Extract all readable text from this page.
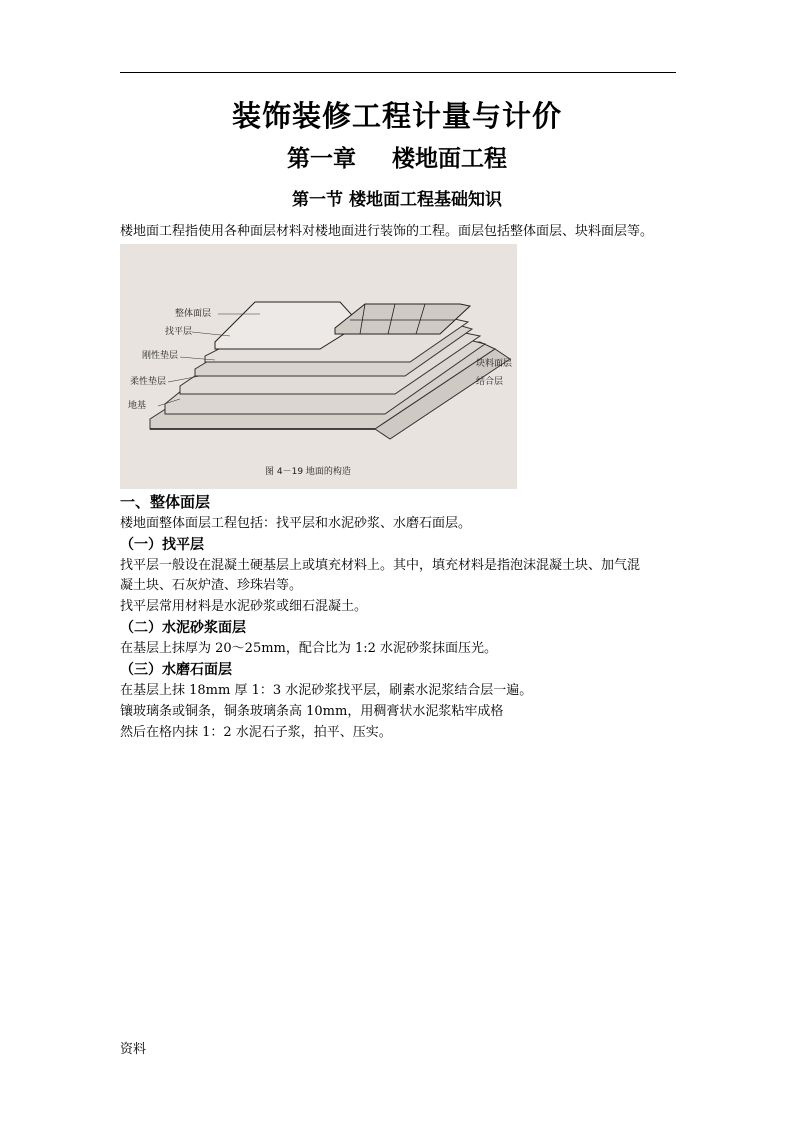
装饰装修工程计量与计价
第一章 楼地面工程
第一节 楼地面工程基础知识
楼地面工程指使用各种面层材料对楼地面进行装饰的工程。面层包括整体面层、块料面层等。
整体面层
找平层
刚性垫层
柔性垫层
地基
块料面层
结合层
图 4－19 地面的构造
一、整体面层
楼地面整体面层工程包括：找平层和水泥砂浆、水磨石面层。
（一）找平层
找平层一般设在混凝土硬基层上或填充材料上。其中，填充材料是指泡沫混凝土块、加气混
凝土块、石灰炉渣、珍珠岩等。
找平层常用材料是水泥砂浆或细石混凝土。
（二）水泥砂浆面层
在基层上抹厚为 20～25mm，配合比为 1:2 水泥砂浆抹面压光。
（三）水磨石面层
在基层上抹 18mm 厚 1：3 水泥砂浆找平层，刷素水泥浆结合层一遍。
镶玻璃条或铜条，铜条玻璃条高 10mm，用稠膏状水泥浆粘牢成格
然后在格内抹 1：2 水泥石子浆，拍平、压实。
资料
